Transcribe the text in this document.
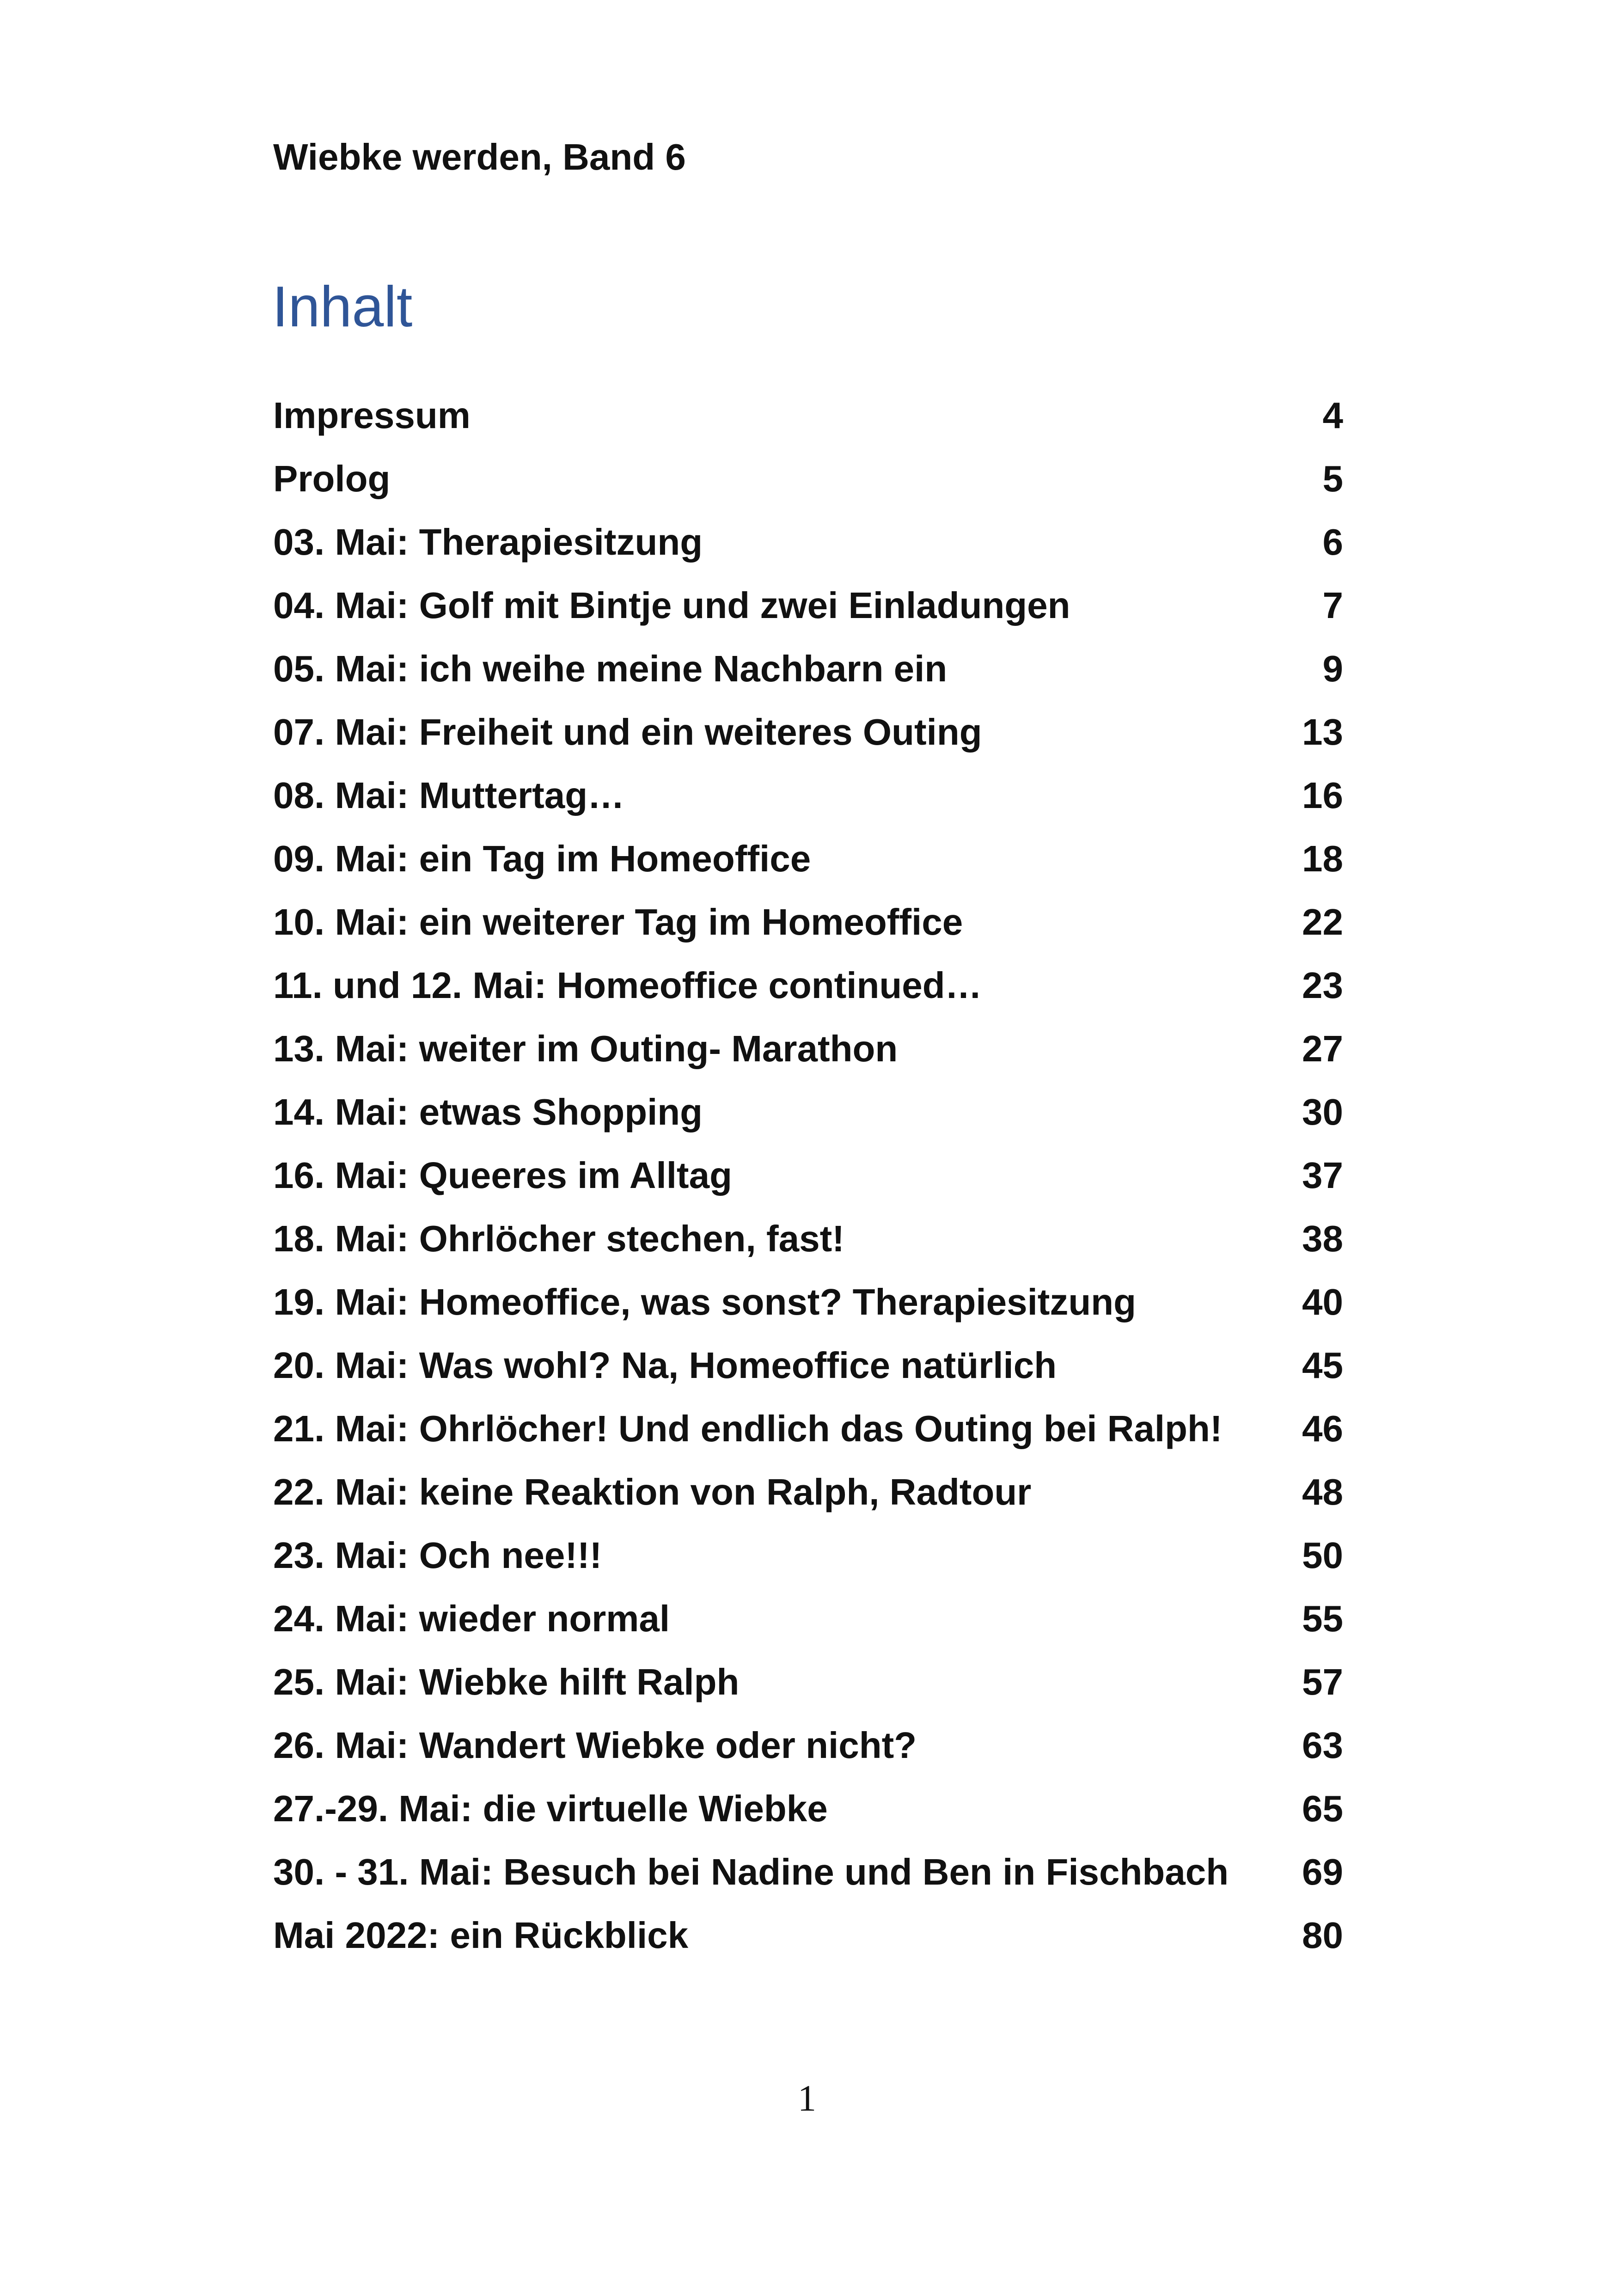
Wiebke werden, Band 6
Inhalt
Impressum	4
Prolog	5
03. Mai: Therapiesitzung	6
04. Mai: Golf mit Bintje und zwei Einladungen	7
05. Mai: ich weihe meine Nachbarn ein	9
07. Mai: Freiheit und ein weiteres Outing	13
08. Mai: Muttertag…	16
09. Mai: ein Tag im Homeoffice	18
10. Mai: ein weiterer Tag im Homeoffice	22
11. und 12. Mai: Homeoffice continued…	23
13. Mai: weiter im Outing- Marathon	27
14. Mai: etwas Shopping	30
16. Mai: Queeres im Alltag	37
18. Mai: Ohrlöcher stechen, fast!	38
19. Mai: Homeoffice, was sonst? Therapiesitzung	40
20. Mai: Was wohl? Na, Homeoffice natürlich	45
21. Mai: Ohrlöcher! Und endlich das Outing bei Ralph!	46
22. Mai: keine Reaktion von Ralph, Radtour	48
23. Mai: Och nee!!!	50
24. Mai: wieder normal	55
25. Mai: Wiebke hilft Ralph	57
26. Mai: Wandert Wiebke oder nicht?	63
27.-29. Mai: die virtuelle Wiebke	65
30. - 31. Mai: Besuch bei Nadine und Ben in Fischbach	69
Mai 2022: ein Rückblick	80
1
